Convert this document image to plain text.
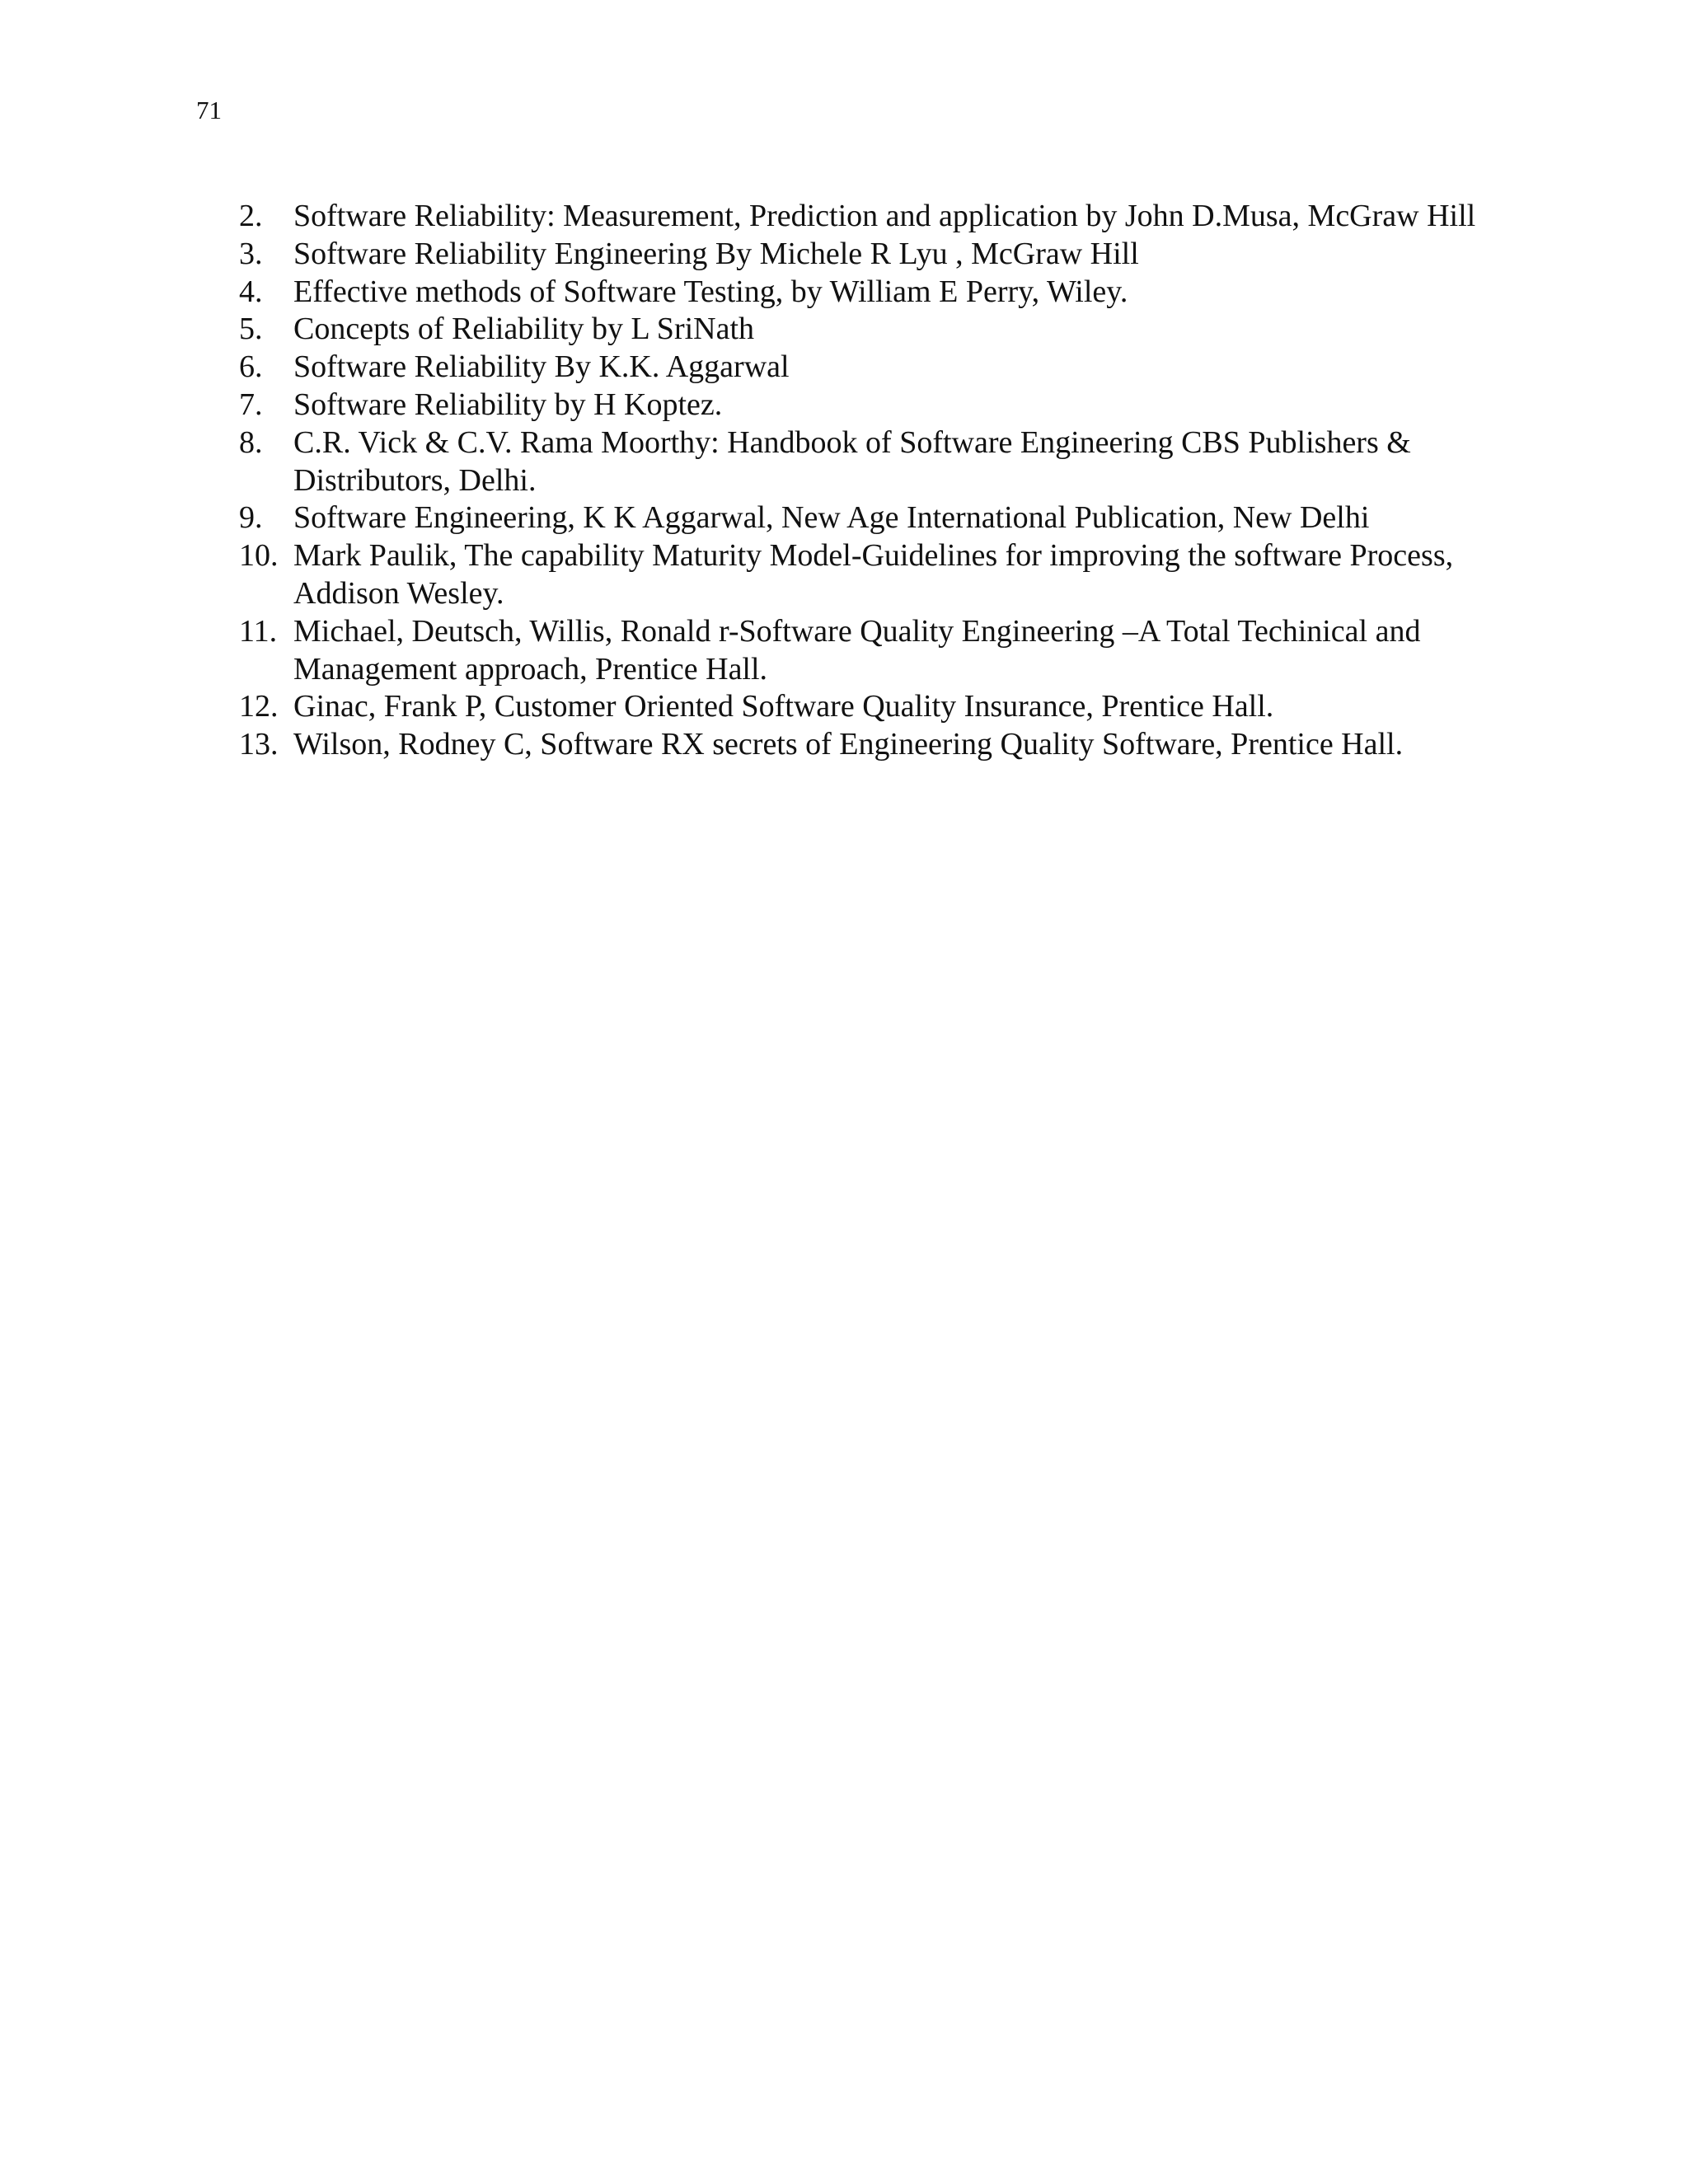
71
2. Software Reliability: Measurement, Prediction and application by John D.Musa, McGraw Hill
3. Software Reliability Engineering By Michele R Lyu , McGraw Hill
4. Effective methods of Software Testing, by William E Perry, Wiley.
5. Concepts of Reliability by L SriNath
6. Software Reliability By K.K. Aggarwal
7. Software Reliability by H Koptez.
8. C.R. Vick & C.V. Rama Moorthy: Handbook of Software Engineering CBS Publishers & Distributors, Delhi.
9. Software Engineering, K K Aggarwal, New Age International Publication, New Delhi
10. Mark Paulik, The capability Maturity Model-Guidelines for improving the software Process, Addison Wesley.
11. Michael, Deutsch, Willis, Ronald r-Software Quality Engineering –A Total Techinical and Management approach, Prentice Hall.
12. Ginac, Frank P, Customer Oriented Software Quality Insurance, Prentice Hall.
13. Wilson, Rodney C, Software RX secrets of Engineering Quality Software, Prentice Hall.
